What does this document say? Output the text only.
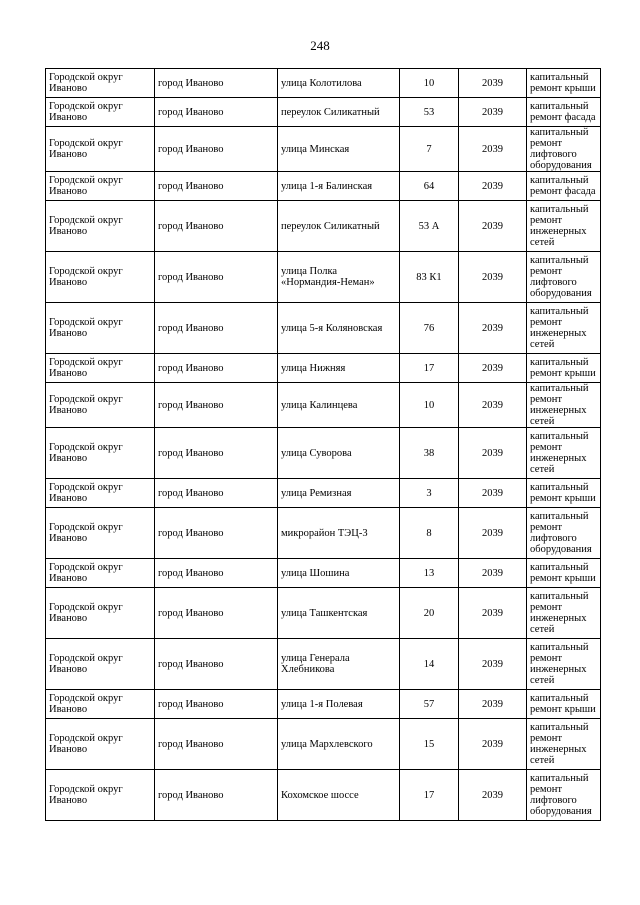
248
Городской округ Иваново	город Иваново	улица Колотилова	10	2039	капитальный ремонт крыши
Городской округ Иваново	город Иваново	переулок Силикатный	53	2039	капитальный ремонт фасада
Городской округ Иваново	город Иваново	улица Минская	7	2039	капитальный ремонт лифтового оборудования
Городской округ Иваново	город Иваново	улица 1-я Балинская	64	2039	капитальный ремонт фасада
Городской округ Иваново	город Иваново	переулок Силикатный	53 А	2039	капитальный ремонт инженерных сетей
Городской округ Иваново	город Иваново	улица Полка «Нормандия-Неман»	83 К1	2039	капитальный ремонт лифтового оборудования
Городской округ Иваново	город Иваново	улица 5-я Коляновская	76	2039	капитальный ремонт инженерных сетей
Городской округ Иваново	город Иваново	улица Нижняя	17	2039	капитальный ремонт крыши
Городской округ Иваново	город Иваново	улица Калинцева	10	2039	капитальный ремонт инженерных сетей
Городской округ Иваново	город Иваново	улица Суворова	38	2039	капитальный ремонт инженерных сетей
Городской округ Иваново	город Иваново	улица Ремизная	3	2039	капитальный ремонт крыши
Городской округ Иваново	город Иваново	микрорайон ТЭЦ-3	8	2039	капитальный ремонт лифтового оборудования
Городской округ Иваново	город Иваново	улица Шошина	13	2039	капитальный ремонт крыши
Городской округ Иваново	город Иваново	улица Ташкентская	20	2039	капитальный ремонт инженерных сетей
Городской округ Иваново	город Иваново	улица Генерала Хлебникова	14	2039	капитальный ремонт инженерных сетей
Городской округ Иваново	город Иваново	улица 1-я Полевая	57	2039	капитальный ремонт крыши
Городской округ Иваново	город Иваново	улица Мархлевского	15	2039	капитальный ремонт инженерных сетей
Городской округ Иваново	город Иваново	Кохомское шоссе	17	2039	капитальный ремонт лифтового оборудования
